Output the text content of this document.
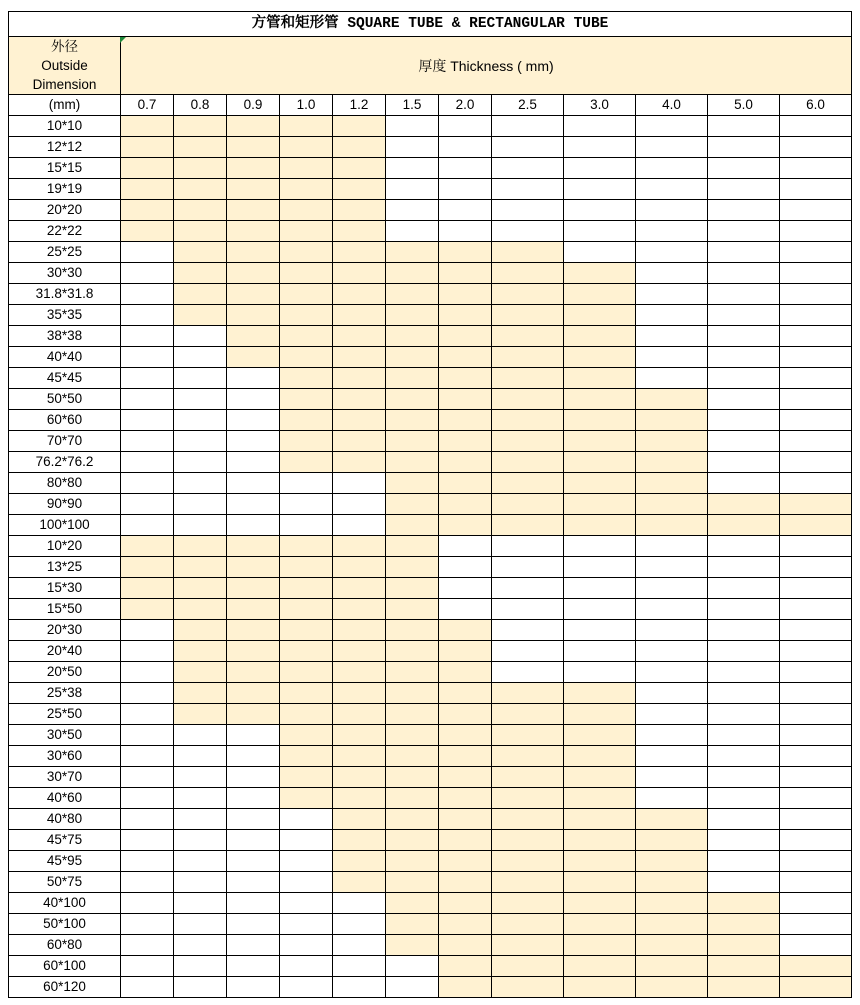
方管和矩形管 SQUARE TUBE & RECTANGULAR TUBE												

外径
Outside
Dimension	厚度 Thickness ( mm)											
(mm)	0.7	0.8	0.9	1.0	1.2	1.5	2.0	2.5	3.0	4.0	5.0	6.0
10*10												
12*12												
15*15												
19*19												
20*20												
22*22												
25*25												
30*30												
31.8*31.8												
35*35												
38*38												
40*40												
45*45												
50*50												
60*60												
70*70												
76.2*76.2												
80*80												
90*90												
100*100												
10*20												
13*25												
15*30												
15*50												
20*30												
20*40												
20*50												
25*38												
25*50												
30*50												
30*60												
30*70												
40*60												
40*80												
45*75												
45*95												
50*75												
40*100												
50*100												
60*80												
60*100												
60*120												
